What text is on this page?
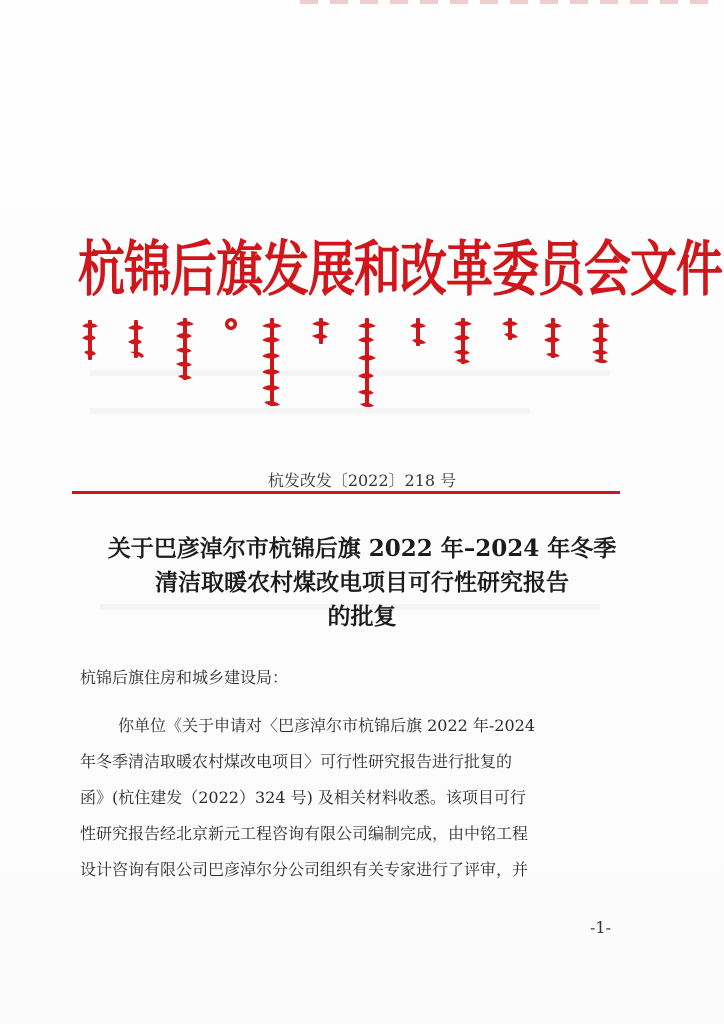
杭锦后旗发展和改革委员会文件
杭发改发〔2022〕218 号
关于巴彦淖尔市杭锦后旗 2022 年–2024 年冬季
清洁取暖农村煤改电项目可行性研究报告
的批复
杭锦后旗住房和城乡建设局：
你单位《关于申请对〈巴彦淖尔市杭锦后旗 2022 年-2024
年冬季清洁取暖农村煤改电项目〉可行性研究报告进行批复的
函》(杭住建发（2022）324 号) 及相关材料收悉。该项目可行
性研究报告经北京新元工程咨询有限公司编制完成，由中铭工程
设计咨询有限公司巴彦淖尔分公司组织有关专家进行了评审，并
-1-
